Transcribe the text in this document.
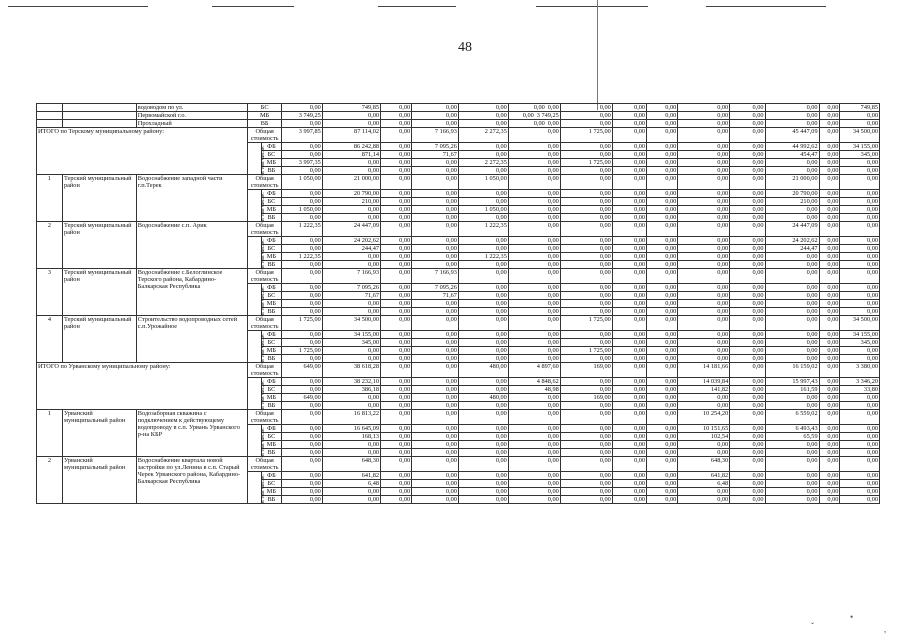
48
		водоводом по ул.	БС		0,00	749,85	0,00	0,00	0,00	0,00 0,00	0,00	0,00	0,00	0,00	0,00	0,00	0,00	749,85
		Первомайской г.о.	МБ		3 749,25	0,00	0,00	0,00	0,00	0,00 3 749,25	0,00	0,00	0,00	0,00	0,00	0,00	0,00	0,00
		Прохладный	ВБ		0,00	0,00	0,00	0,00	0,00	0,00 0,00	0,00	0,00	0,00	0,00	0,00	0,00	0,00	0,00
ИТОГО по Терскому муниципальному району:			Общая стоимость		3 997,85	87 114,02	0,00	7 166,93	2 272,35	0,00	1 725,00	0,00	0,00	0,00	0,00	45 447,09	0,00	34 500,00
			в том числе:	ФБ	0,00	86 242,88	0,00	7 095,26	0,00	0,00	0,00	0,00	0,00	0,00	0,00	44 992,62	0,00	34 155,00
				БС	0,00	871,14	0,00	71,67	0,00	0,00	0,00	0,00	0,00	0,00	0,00	454,47	0,00	345,00
				МБ	3 997,35	0,00	0,00	0,00	2 272,35	0,00	1 725,00	0,00	0,00	0,00	0,00	0,00	0,00	0,00
				ВБ	0,00	0,00	0,00	0,00	0,00	0,00	0,00	0,00	0,00	0,00	0,00	0,00	0,00	0,00
1	Терский муниципальный район	Водоснабжение западной части г.п.Терек	Общая стоимость		1 050,00	21 000,00	0,00	0,00	1 050,00	0,00	0,00	0,00	0,00	0,00	0,00	21 000,00	0,00	0,00
			в том числе:	ФБ	0,00	20 790,00	0,00	0,00	0,00	0,00	0,00	0,00	0,00	0,00	0,00	20 790,00	0,00	0,00
				БС	0,00	210,00	0,00	0,00	0,00	0,00	0,00	0,00	0,00	0,00	0,00	210,00	0,00	0,00
				МБ	1 050,00	0,00	0,00	0,00	1 050,00	0,00	0,00	0,00	0,00	0,00	0,00	0,00	0,00	0,00
				ВБ	0,00	0,00	0,00	0,00	0,00	0,00	0,00	0,00	0,00	0,00	0,00	0,00	0,00	0,00
2	Терский муниципальный район	Водоснабжение с.п. Арик	Общая стоимость		1 222,35	24 447,09	0,00	0,00	1 222,35	0,00	0,00	0,00	0,00	0,00	0,00	24 447,09	0,00	0,00
			в том числе:	ФБ	0,00	24 202,62	0,00	0,00	0,00	0,00	0,00	0,00	0,00	0,00	0,00	24 202,62	0,00	0,00
				БС	0,00	244,47	0,00	0,00	0,00	0,00	0,00	0,00	0,00	0,00	0,00	244,47	0,00	0,00
				МБ	1 222,35	0,00	0,00	0,00	1 222,35	0,00	0,00	0,00	0,00	0,00	0,00	0,00	0,00	0,00
				ВБ	0,00	0,00	0,00	0,00	0,00	0,00	0,00	0,00	0,00	0,00	0,00	0,00	0,00	0,00
3	Терский муниципальный район	Водоснабжение с.Белоглинское Терского района, Кабардино-Балкарская Республика	Общая стоимость		0,00	7 166,93	0,00	7 166,93	0,00	0,00	0,00	0,00	0,00	0,00	0,00	0,00	0,00	0,00
			в том числе:	ФБ	0,00	7 095,26	0,00	7 095,26	0,00	0,00	0,00	0,00	0,00	0,00	0,00	0,00	0,00	0,00
				БС	0,00	71,67	0,00	71,67	0,00	0,00	0,00	0,00	0,00	0,00	0,00	0,00	0,00	0,00
				МБ	0,00	0,00	0,00	0,00	0,00	0,00	0,00	0,00	0,00	0,00	0,00	0,00	0,00	0,00
				ВБ	0,00	0,00	0,00	0,00	0,00	0,00	0,00	0,00	0,00	0,00	0,00	0,00	0,00	0,00
4	Терский муниципальный район	Строительство водопроводных сетей с.п.Урожайное	Общая стоимость		1 725,00	34 500,00	0,00	0,00	0,00	0,00	1 725,00	0,00	0,00	0,00	0,00	0,00	0,00	34 500,00
			в том числе:	ФБ	0,00	34 155,00	0,00	0,00	0,00	0,00	0,00	0,00	0,00	0,00	0,00	0,00	0,00	34 155,00
				БС	0,00	345,00	0,00	0,00	0,00	0,00	0,00	0,00	0,00	0,00	0,00	0,00	0,00	345,00
				МБ	1 725,00	0,00	0,00	0,00	0,00	0,00	1 725,00	0,00	0,00	0,00	0,00	0,00	0,00	0,00
				ВБ	0,00	0,00	0,00	0,00	0,00	0,00	0,00	0,00	0,00	0,00	0,00	0,00	0,00	0,00
ИТОГО по Урванскому муниципальному району:			Общая стоимость		649,00	38 618,28	0,00	0,00	480,00	4 897,60	169,00	0,00	0,00	14 181,66	0,00	16 159,02	0,00	3 380,00
			в том числе:	ФБ	0,00	38 232,10	0,00	0,00	0,00	4 848,62	0,00	0,00	0,00	14 039,84	0,00	15 997,43	0,00	3 346,20
				БС	0,00	386,18	0,00	0,00	0,00	48,98	0,00	0,00	0,00	141,82	0,00	161,59	0,00	33,80
				МБ	649,00	0,00	0,00	0,00	480,00	0,00	169,00	0,00	0,00	0,00	0,00	0,00	0,00	0,00
				ВБ	0,00	0,00	0,00	0,00	0,00	0,00	0,00	0,00	0,00	0,00	0,00	0,00	0,00	0,00
1	Урванский муниципальный район	Водозаборная скважина с подключением к действующему водопроводу в с.п. Урвань Урванского р-на КБР	Общая стоимость		0,00	16 813,22	0,00	0,00	0,00	0,00	0,00	0,00	0,00	10 254,20	0,00	6 559,02	0,00	0,00
			в том числе:	ФБ	0,00	16 645,09	0,00	0,00	0,00	0,00	0,00	0,00	0,00	10 151,65	0,00	6 493,43	0,00	0,00
				БС	0,00	168,13	0,00	0,00	0,00	0,00	0,00	0,00	0,00	102,54	0,00	65,59	0,00	0,00
				МБ	0,00	0,00	0,00	0,00	0,00	0,00	0,00	0,00	0,00	0,00	0,00	0,00	0,00	0,00
				ВБ	0,00	0,00	0,00	0,00	0,00	0,00	0,00	0,00	0,00	0,00	0,00	0,00	0,00	0,00
2	Урванский муниципальный район	Водоснабжение квартала новой застройки по ул.Ленина в с.п. Старый Черек Урванского района, Кабардино-Балкарская Республика	Общая стоимость		0,00	648,30	0,00	0,00	0,00	0,00	0,00	0,00	0,00	648,30	0,00	0,00	0,00	0,00
			в том числе:	ФБ	0,00	641,82	0,00	0,00	0,00	0,00	0,00	0,00	0,00	641,82	0,00	0,00	0,00	0,00
				БС	0,00	6,48	0,00	0,00	0,00	0,00	0,00	0,00	0,00	6,48	0,00	0,00	0,00	0,00
				МБ	0,00	0,00	0,00	0,00	0,00	0,00	0,00	0,00	0,00	0,00	0,00	0,00	0,00	0,00
				ВБ	0,00	0,00	0,00	0,00	0,00	0,00	0,00	0,00	0,00	0,00	0,00	0,00	0,00	0,00
ˇ
•
,
